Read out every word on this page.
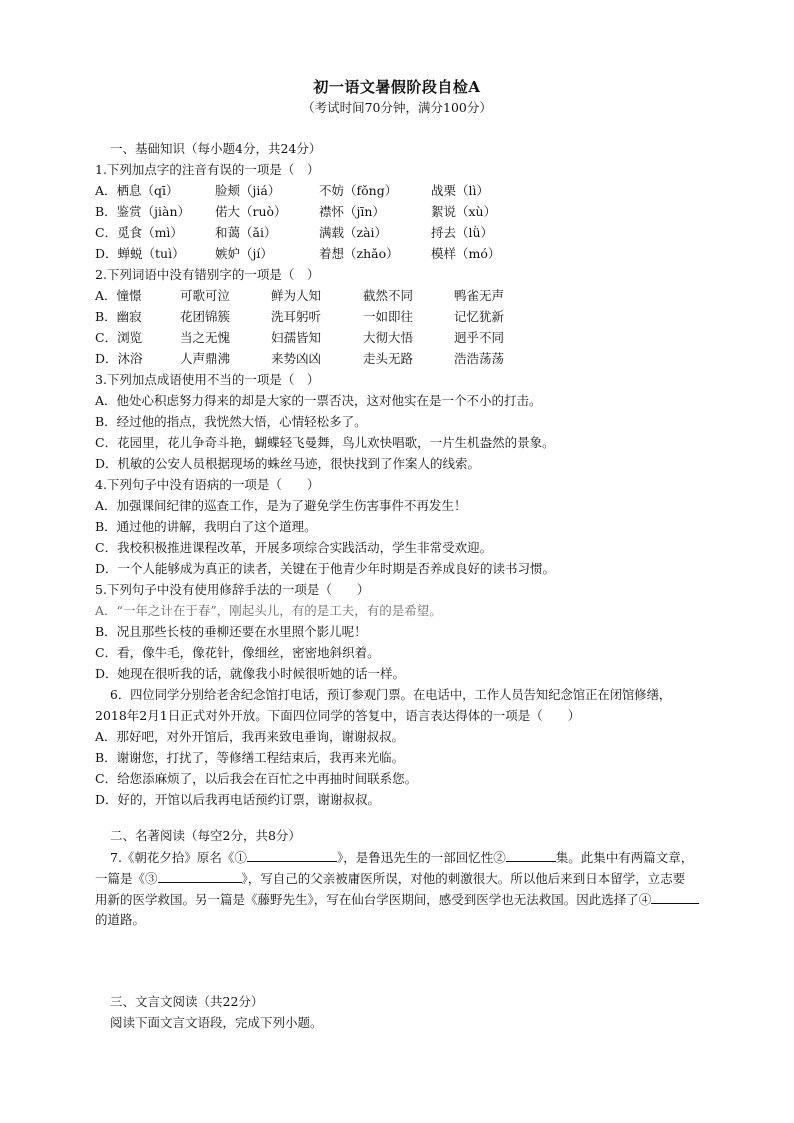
初一语文暑假阶段自检A
（考试时间70分钟，满分100分）
一、基础知识（每小题4分，共24分）
1.下列加点字的注音有误的一项是（　）
A．栖息（qī）	脸颊（jiá）	不妨（fǒng）	战栗（lì）
B．鉴赏（jiàn） 偌大（ruò）	襟怀（jīn）	絮说（xù）
C．觅食（mì）	和蔼（ǎi）	满载（zài）	捋去（lǜ）
D．蝉蜕（tuì） 嫉妒（jí）	着想（zhǎo）	模样（mó）
2.下列词语中没有错别字的一项是（　）
A．憧憬	可歌可泣	鲜为人知	截然不同	鸭雀无声
B．幽寂	花团锦簇	洗耳躬听	一如即往	记忆犹新
C．浏览	当之无愧	妇孺皆知	大彻大悟	迥乎不同
D．沐浴	人声鼎沸	来势凶凶	走头无路	浩浩荡荡
3.下列加点成语使用不当的一项是（　）
A．他处心积虑努力得来的却是大家的一票否决，这对他实在是一个不小的打击。
B．经过他的指点，我恍然大悟，心情轻松多了。
C．花园里，花儿争奇斗艳，蝴蝶轻飞曼舞，鸟儿欢快唱歌，一片生机盎然的景象。
D．机敏的公安人员根据现场的蛛丝马迹，很快找到了作案人的线索。
4.下列句子中没有语病的一项是（　　）
A．加强课间纪律的巡查工作，是为了避免学生伤害事件不再发生！
B．通过他的讲解，我明白了这个道理。
C．我校积极推进课程改革，开展多项综合实践活动，学生非常受欢迎。
D．一个人能够成为真正的读者，关键在于他青少年时期是否养成良好的读书习惯。
5.下列句子中没有使用修辞手法的一项是（　　）
A．“一年之计在于春”，刚起头儿，有的是工夫，有的是希望。
B．况且那些长枝的垂柳还要在水里照个影儿呢！
C．看，像牛毛，像花针，像细丝，密密地斜织着。
D．她现在很听我的话，就像我小时候很听她的话一样。
6．四位同学分别给老舍纪念馆打电话，预订参观门票。在电话中，工作人员告知纪念馆正在闭馆修缮，
2018年2月1日正式对外开放。下面四位同学的答复中，语言表达得体的一项是（　　）
A．那好吧，对外开馆后，我再来致电垂询，谢谢叔叔。
B．谢谢您，打扰了，等修缮工程结束后，我再来光临。
C．给您添麻烦了，以后我会在百忙之中再抽时间联系您。
D．好的，开馆以后我再电话预约订票，谢谢叔叔。
二、名著阅读（每空2分，共8分）
7.《朝花夕拾》原名《①	》，是鲁迅先生的一部回忆性②	集。此集中有两篇文章，
一篇是《③	》，写自己的父亲被庸医所误，对他的刺激很大。所以他后来到日本留学，立志要
用新的医学救国。另一篇是《藤野先生》，写在仙台学医期间，感受到医学也无法救国。因此选择了④
的道路。
三、文言文阅读（共22分）
阅读下面文言文语段，完成下列小题。
